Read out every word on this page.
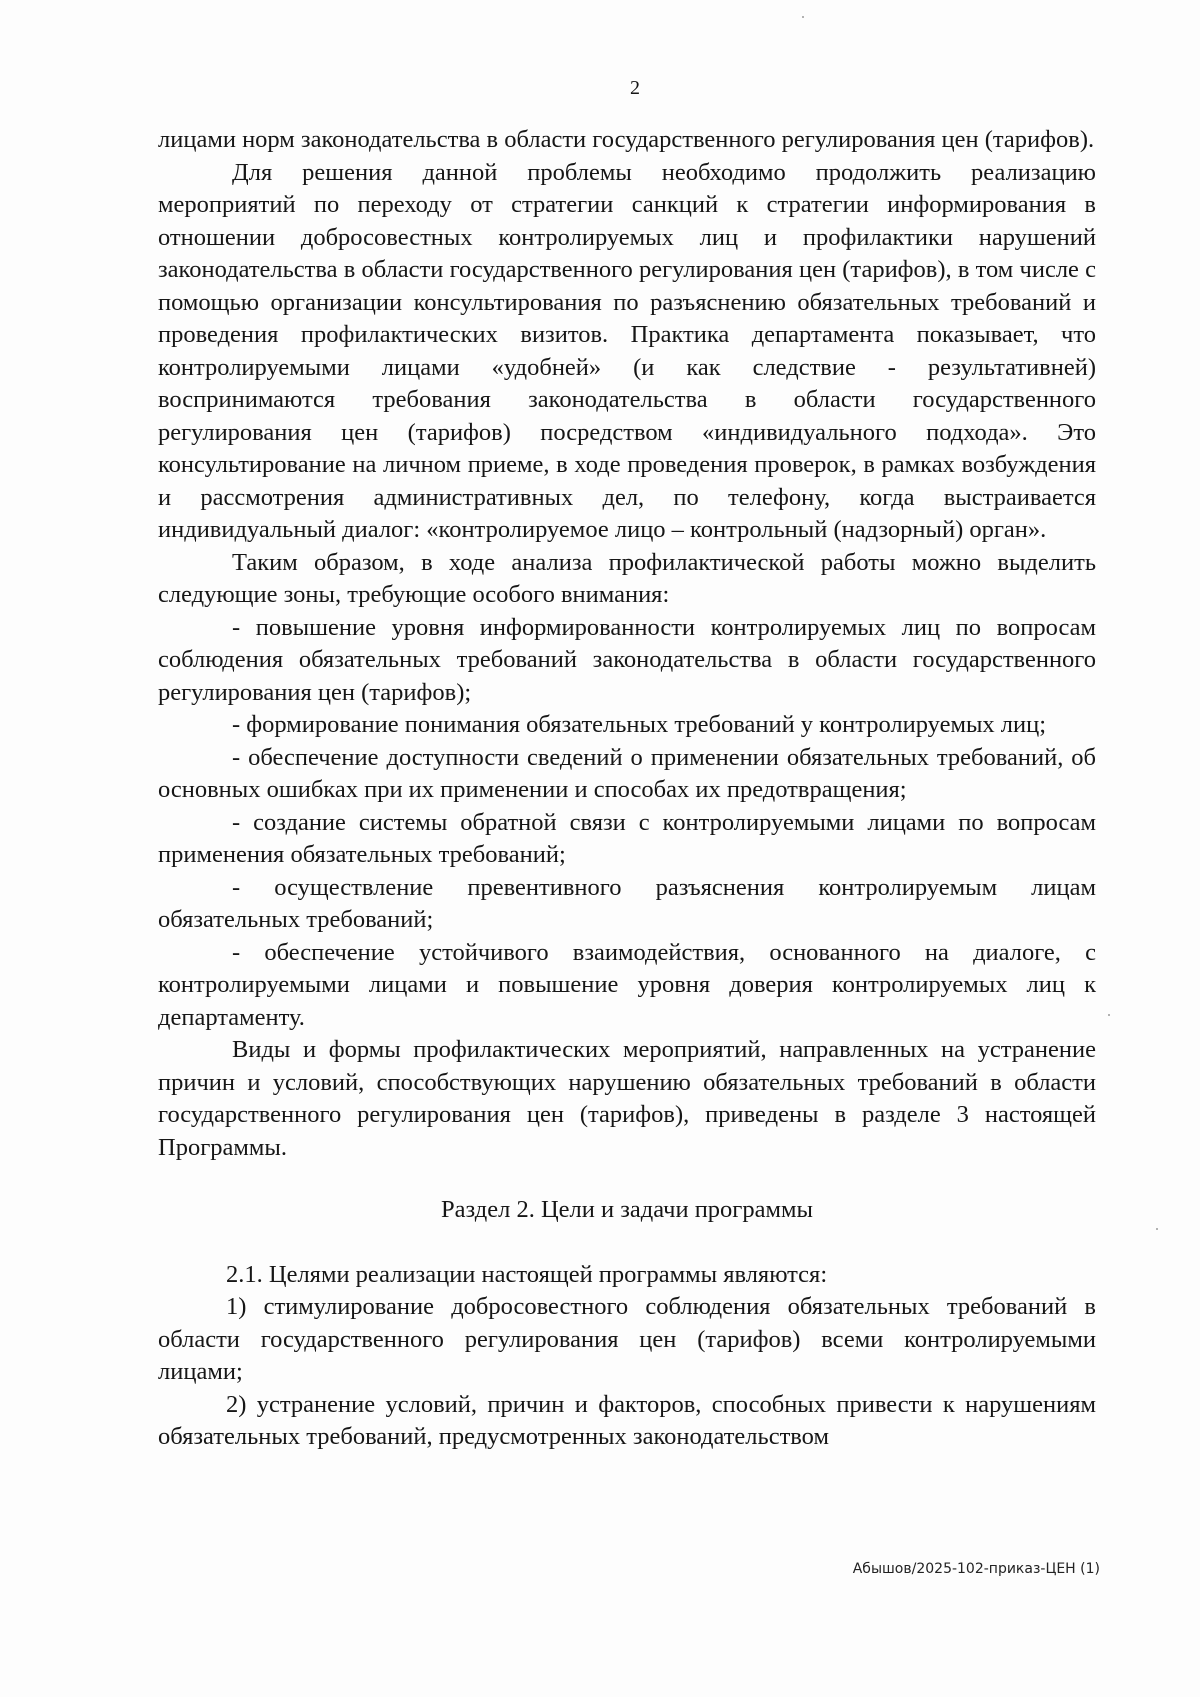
2

лицами норм законодательства в области государственного регулирования цен (тарифов).

Для решения данной проблемы необходимо продолжить реализацию мероприятий по переходу от стратегии санкций к стратегии информирования в отношении добросовестных контролируемых лиц и профилактики нарушений законодательства в области государственного регулирования цен (тарифов), в том числе с помощью организации консультирования по разъяснению обязательных требований и проведения профилактических визитов. Практика департамента показывает, что контролируемыми лицами «удобней» (и как следствие - результативней) воспринимаются требования законодательства в области государственного регулирования цен (тарифов) посредством «индивидуального подхода». Это консультирование на личном приеме, в ходе проведения проверок, в рамках возбуждения и рассмотрения административных дел, по телефону, когда выстраивается индивидуальный диалог: «контролируемое лицо – контрольный (надзорный) орган».

Таким образом, в ходе анализа профилактической работы можно выделить следующие зоны, требующие особого внимания:

- повышение уровня информированности контролируемых лиц по вопросам соблюдения обязательных требований законодательства в области государственного регулирования цен (тарифов);

- формирование понимания обязательных требований у контролируемых лиц;

- обеспечение доступности сведений о применении обязательных требований, об основных ошибках при их применении и способах их предотвращения;

- создание системы обратной связи с контролируемыми лицами по вопросам применения обязательных требований;

- осуществление превентивного разъяснения контролируемым лицам обязательных требований;

- обеспечение устойчивого взаимодействия, основанного на диалоге, с контролируемыми лицами и повышение уровня доверия контролируемых лиц к департаменту.

Виды и формы профилактических мероприятий, направленных на устранение причин и условий, способствующих нарушению обязательных требований в области государственного регулирования цен (тарифов), приведены в разделе 3 настоящей Программы.

Раздел 2. Цели и задачи программы

2.1. Целями реализации настоящей программы являются:

1) стимулирование добросовестного соблюдения обязательных требований в области государственного регулирования цен (тарифов) всеми контролируемыми лицами;

2) устранение условий, причин и факторов, способных привести к нарушениям обязательных требований, предусмотренных законодательством

Абышов/2025-102-приказ-ЦЕН (1)
